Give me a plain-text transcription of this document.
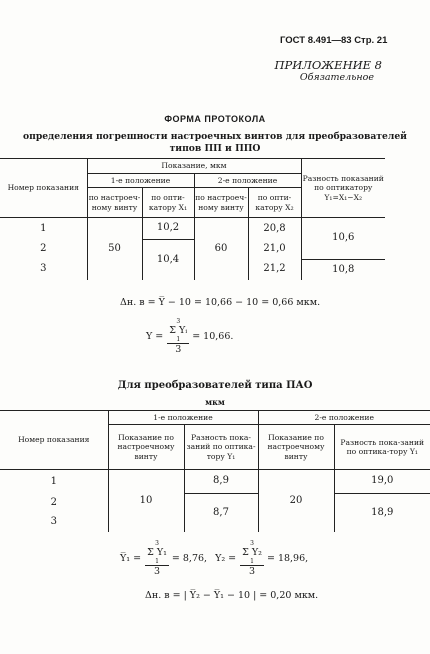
ГОСТ 8.491—83 Стр. 21
ПРИЛОЖЕНИЕ 8
Обязательное
ФОРМА ПРОТОКОЛА
определения погрешности настроечных винтов для преобразователей
типов ПП и ППО
Номер показания	Показание, мкм				Разность показаний по оптикатору Y₁=X₁−X₂
	1-е положение		2-е положение		
	по настроеч-ному винту	по опти-катору X₁	по настроеч-ному винту	по опти-катору X₂	
1	50	10,2	60	20,8	10,6
2		10,4		21,0	
3				21,2	10,8
Δн. в = Y̅ − 10 = 10,66 − 10 = 0,66 мкм.
Y = 3
Σ Yᵢ
1
3 = 10,66.
Для преобразователей типа ПАО
мкм
Номер показания	1-е положение		2-е положение	
	Показание по настроечному винту	Разность пока-заний по оптика-тору Y₁	Показание по настроечному винту	Разность пока-заний по оптика-тору Y₁
1	10	8,9	20	19,0
2		8,7		18,9
3				
Y̅₁ = 3
Σ Y₁
1
3 = 8,76, Y₂ = 3
Σ Y₂
1
3 = 18,96,
Δн. в = | Y̅₂ − Y̅₁ − 10 | = 0,20 мкм.
